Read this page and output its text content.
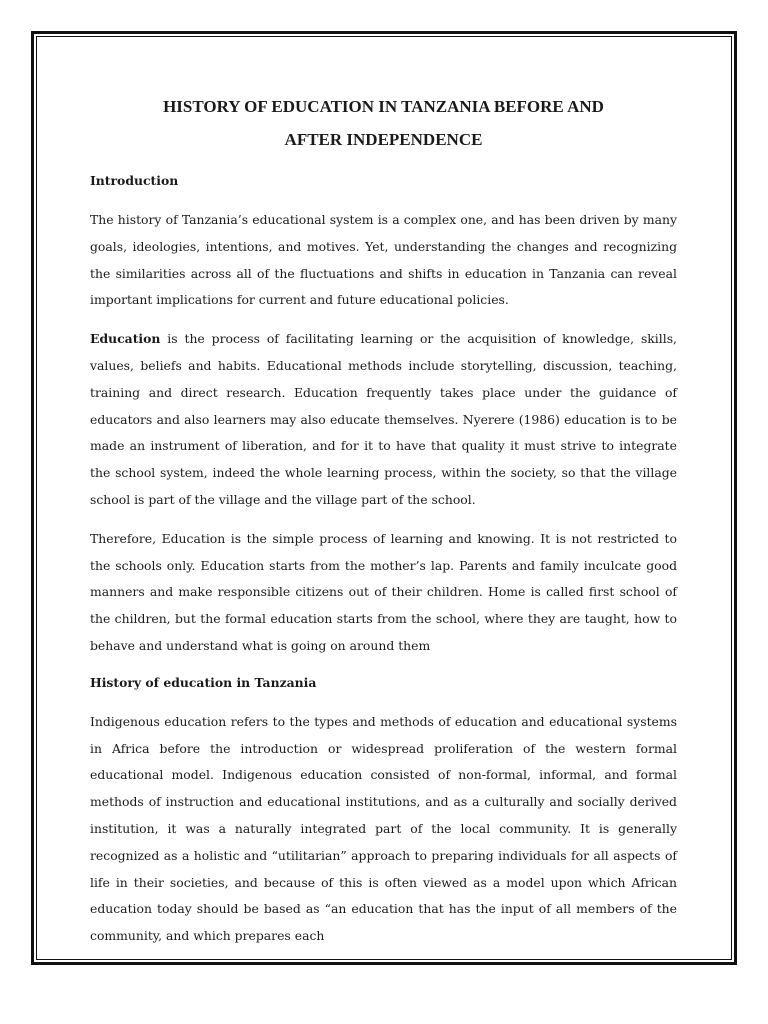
HISTORY OF EDUCATION IN TANZANIA BEFORE AND
AFTER INDEPENDENCE
Introduction

The history of Tanzania’s educational system is a complex one, and has been driven by many goals, ideologies, intentions, and motives. Yet, understanding the changes and recognizing the similarities across all of the fluctuations and shifts in education in Tanzania can reveal important implications for current and future educational policies.

Education is the process of facilitating learning or the acquisition of knowledge, skills, values, beliefs and habits. Educational methods include storytelling, discussion, teaching, training and direct research. Education frequently takes place under the guidance of educators and also learners may also educate themselves. Nyerere (1986) education is to be made an instrument of liberation, and for it to have that quality it must strive to integrate the school system, indeed the whole learning process, within the society, so that the village school is part of the village and the village part of the school.

Therefore, Education is the simple process of learning and knowing. It is not restricted to the schools only. Education starts from the mother’s lap. Parents and family inculcate good manners and make responsible citizens out of their children. Home is called first school of the children, but the formal education starts from the school, where they are taught, how to behave and understand what is going on around them

History of education in Tanzania

Indigenous education refers to the types and methods of education and educational systems in Africa before the introduction or widespread proliferation of the western formal educational model. Indigenous education consisted of non-formal, informal, and formal methods of instruction and educational institutions, and as a culturally and socially derived institution, it was a naturally integrated part of the local community. It is generally recognized as a holistic and “utilitarian” approach to preparing individuals for all aspects of life in their societies, and because of this is often viewed as a model upon which African education today should be based as “an education that has the input of all members of the community, and which prepares each
